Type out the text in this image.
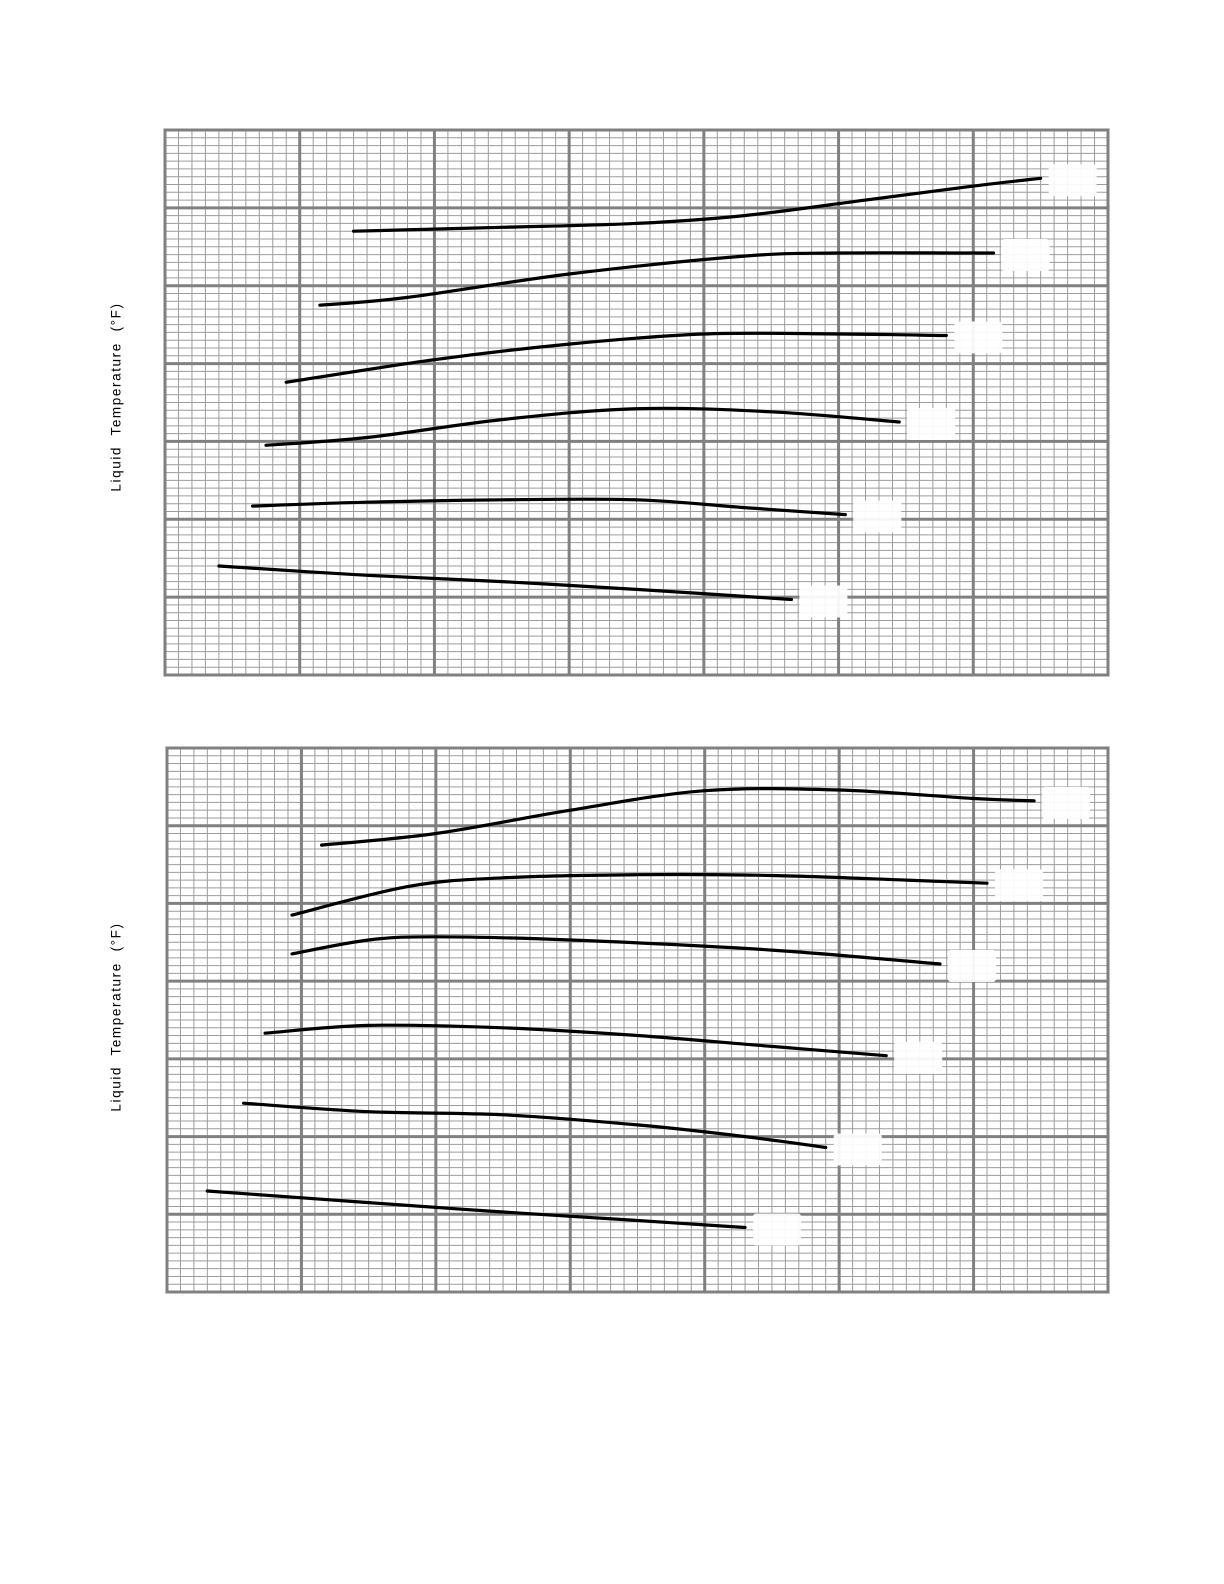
Liquid  Temperature  (°F)
Liquid  Temperature  (°F)
